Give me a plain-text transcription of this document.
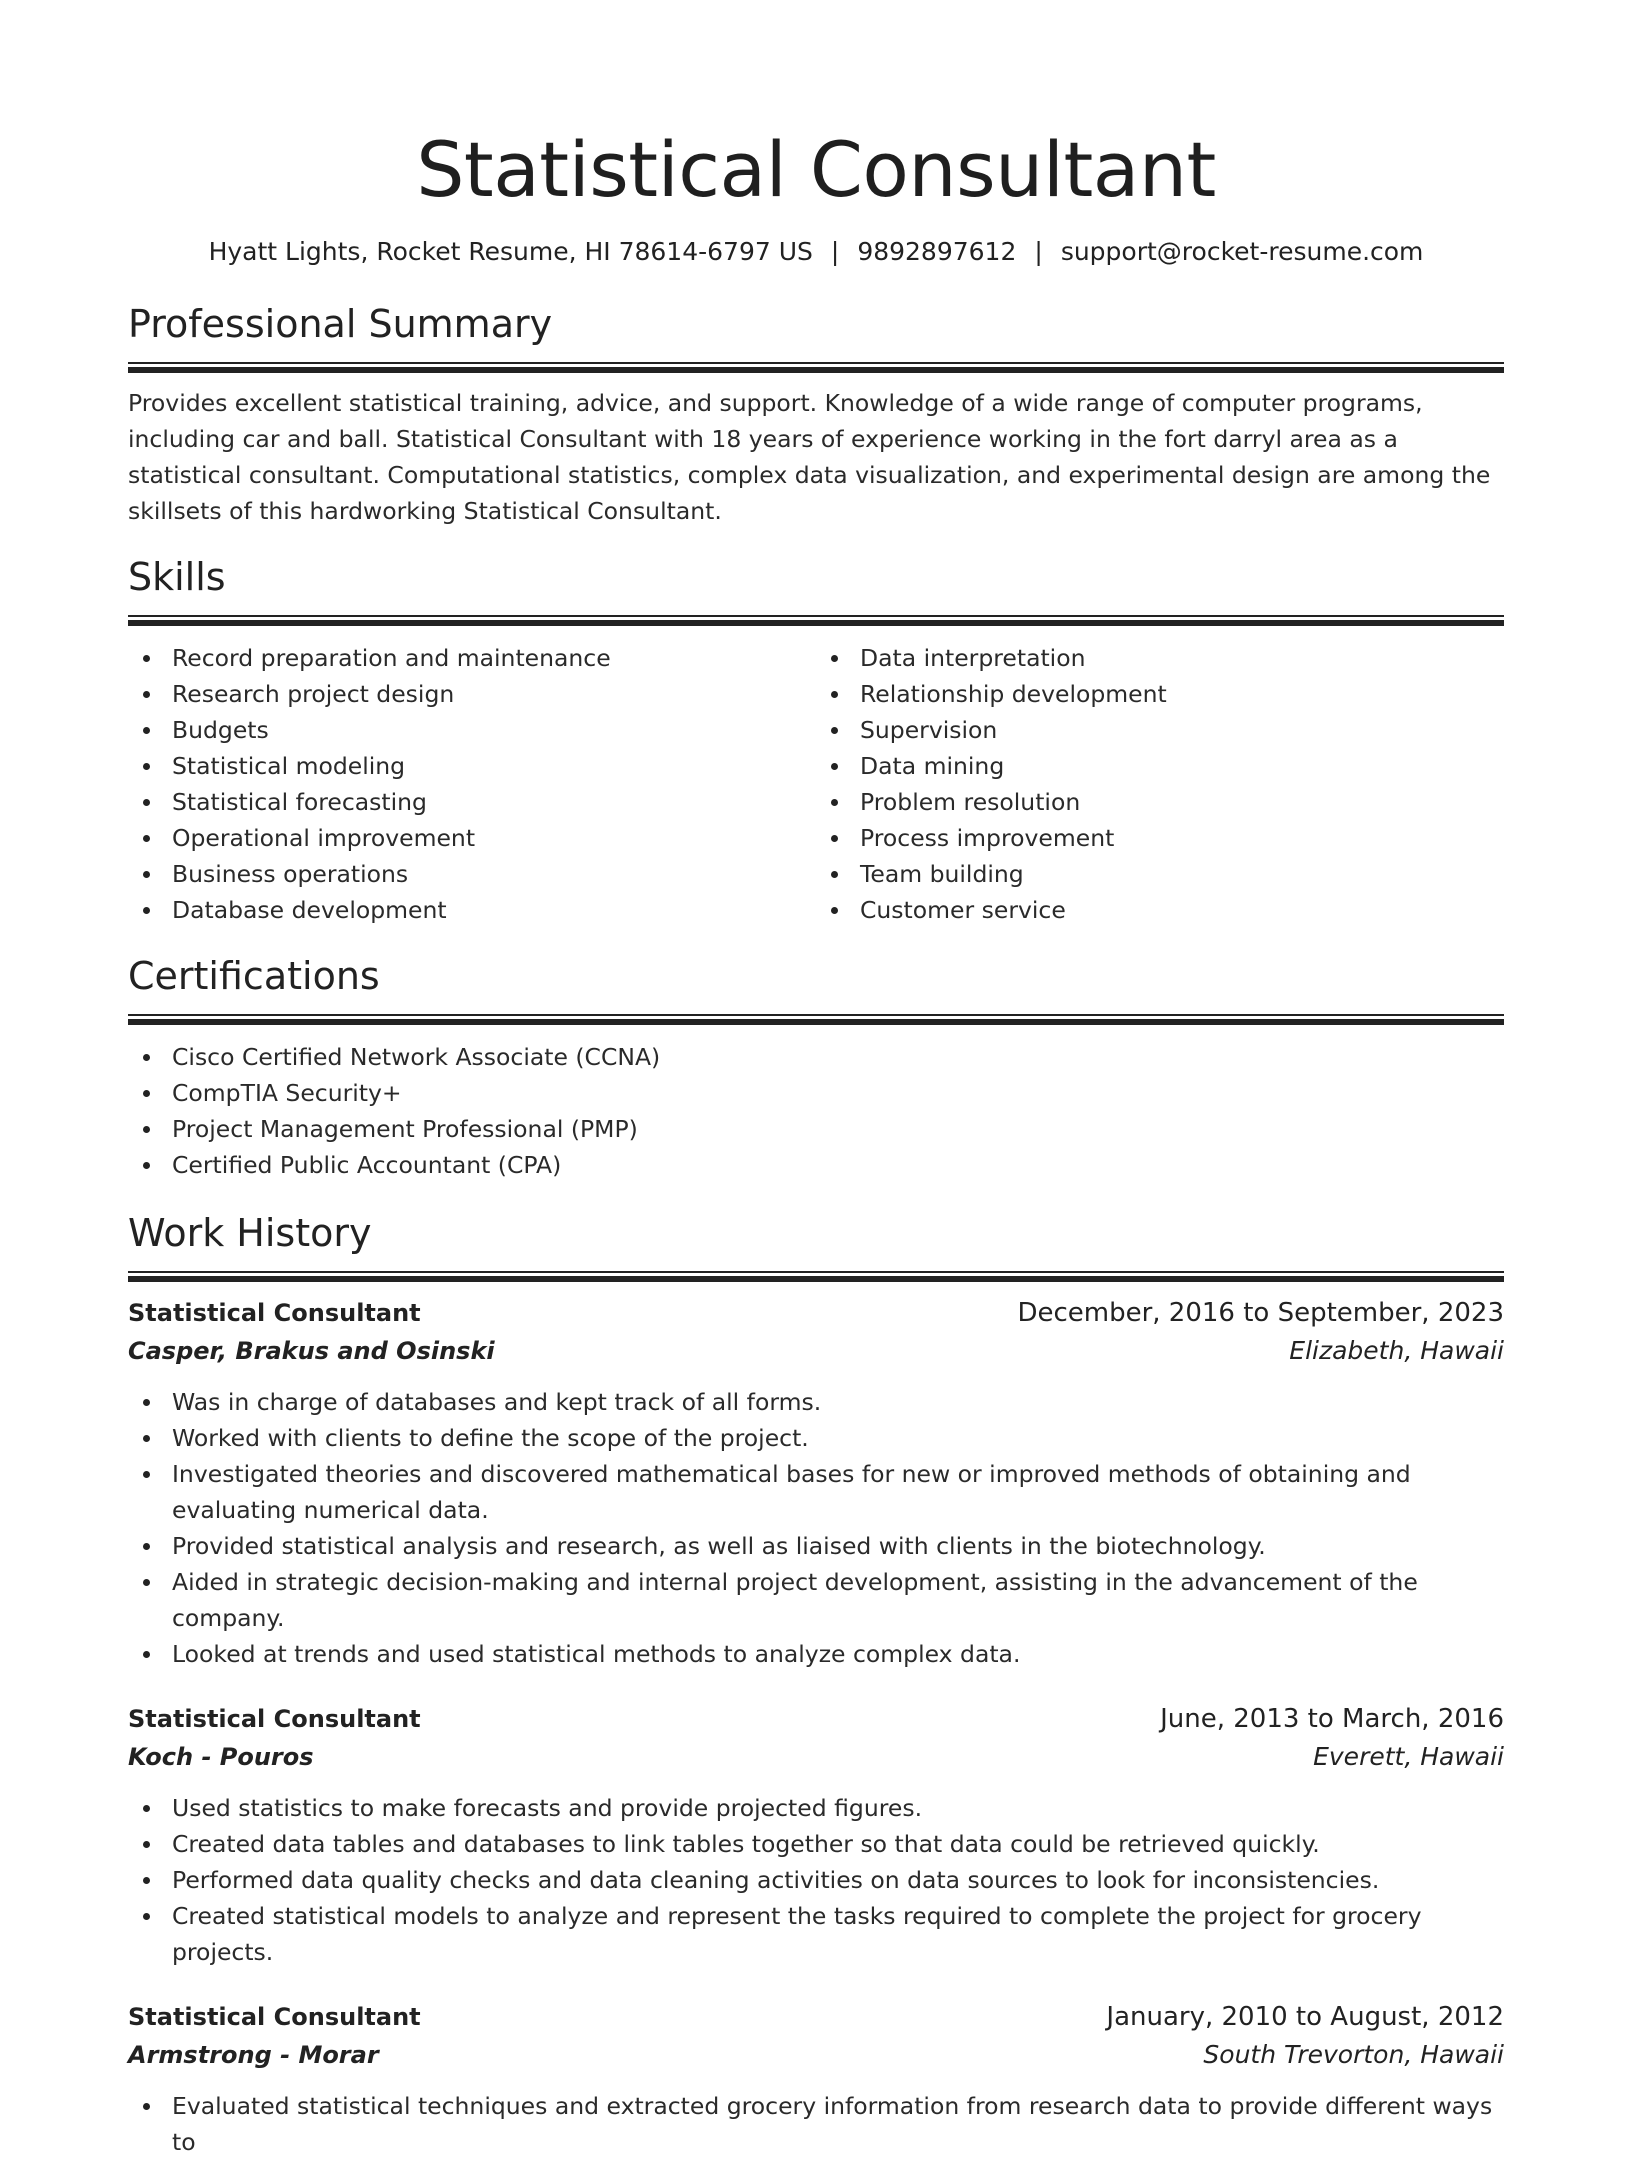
Statistical Consultant
Hyatt Lights, Rocket Resume, HI 78614-6797 US | 9892897612 | support@rocket-resume.com
Professional Summary

Provides excellent statistical training, advice, and support. Knowledge of a wide range of computer programs, including car and ball. Statistical Consultant with 18 years of experience working in the fort darryl area as a statistical consultant. Computational statistics, complex data visualization, and experimental design are among the skillsets of this hardworking Statistical Consultant.

Skills
Record preparation and maintenance
Research project design
Budgets
Statistical modeling
Statistical forecasting
Operational improvement
Business operations
Database development
Data interpretation
Relationship development
Supervision
Data mining
Problem resolution
Process improvement
Team building
Customer service
Certifications
Cisco Certified Network Associate (CCNA)
CompTIA Security+
Project Management Professional (PMP)
Certified Public Accountant (CPA)
Work History
Statistical Consultant	December, 2016 to September, 2023
Casper, Brakus and Osinski	Elizabeth, Hawaii
Was in charge of databases and kept track of all forms.
Worked with clients to define the scope of the project.
Investigated theories and discovered mathematical bases for new or improved methods of obtaining and evaluating numerical data.
Provided statistical analysis and research, as well as liaised with clients in the biotechnology.
Aided in strategic decision-making and internal project development, assisting in the advancement of the company.
Looked at trends and used statistical methods to analyze complex data.
Statistical Consultant	June, 2013 to March, 2016
Koch - Pouros	Everett, Hawaii
Used statistics to make forecasts and provide projected figures.
Created data tables and databases to link tables together so that data could be retrieved quickly.
Performed data quality checks and data cleaning activities on data sources to look for inconsistencies.
Created statistical models to analyze and represent the tasks required to complete the project for grocery projects.
Statistical Consultant	January, 2010 to August, 2012
Armstrong - Morar	South Trevorton, Hawaii
Evaluated statistical techniques and extracted grocery information from research data to provide different ways to
